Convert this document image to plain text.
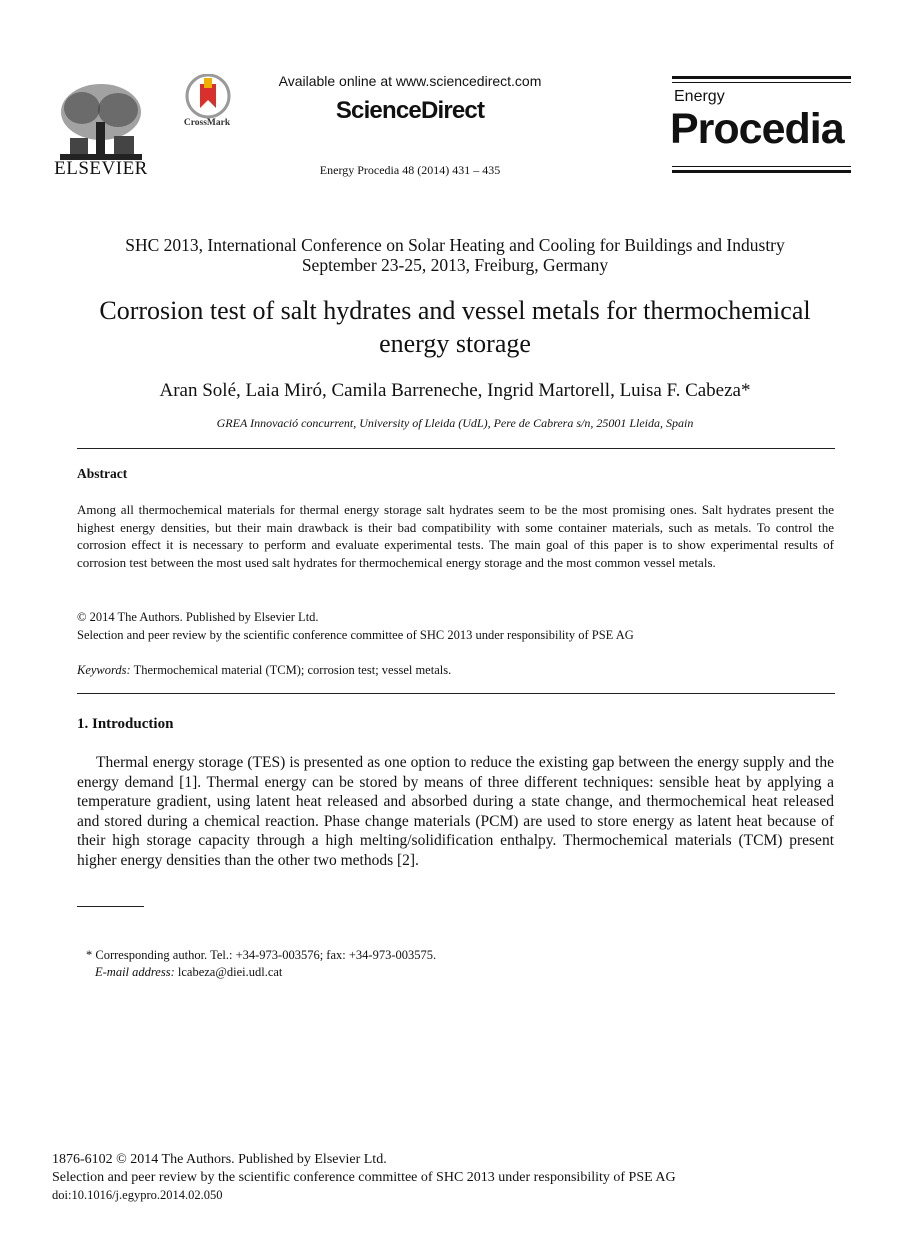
ELSEVIER
CrossMark
Available online at www.sciencedirect.com
ScienceDirect
Energy Procedia 48 (2014) 431 – 435
Energy
Procedia
SHC 2013, International Conference on Solar Heating and Cooling for Buildings and Industry
September 23-25, 2013, Freiburg, Germany
Corrosion test of salt hydrates and vessel metals for thermochemical
energy storage
Aran Solé, Laia Miró, Camila Barreneche, Ingrid Martorell, Luisa F. Cabeza*
GREA Innovació concurrent, University of Lleida (UdL), Pere de Cabrera s/n, 25001 Lleida, Spain
Abstract
Among all thermochemical materials for thermal energy storage salt hydrates seem to be the most promising ones. Salt hydrates present the highest energy densities, but their main drawback is their bad compatibility with some container materials, such as metals. To control the corrosion effect it is necessary to perform and evaluate experimental tests. The main goal of this paper is to show experimental results of corrosion test between the most used salt hydrates for thermochemical energy storage and the most common vessel metals.
© 2014 The Authors. Published by Elsevier Ltd.
Selection and peer review by the scientific conference committee of SHC 2013 under responsibility of PSE AG
Keywords: Thermochemical material (TCM); corrosion test; vessel metals.
1. Introduction
Thermal energy storage (TES) is presented as one option to reduce the existing gap between the energy supply and the energy demand [1]. Thermal energy can be stored by means of three different techniques: sensible heat by applying a temperature gradient, using latent heat released and absorbed during a state change, and thermochemical heat released and stored during a chemical reaction. Phase change materials (PCM) are used to store energy as latent heat because of their high storage capacity through a high melting/solidification enthalpy. Thermochemical materials (TCM) present higher energy densities than the other two methods [2].
* Corresponding author. Tel.: +34-973-003576; fax: +34-973-003575.
E-mail address: lcabeza@diei.udl.cat
1876-6102 © 2014 The Authors. Published by Elsevier Ltd.
Selection and peer review by the scientific conference committee of SHC 2013 under responsibility of PSE AG
doi:10.1016/j.egypro.2014.02.050
